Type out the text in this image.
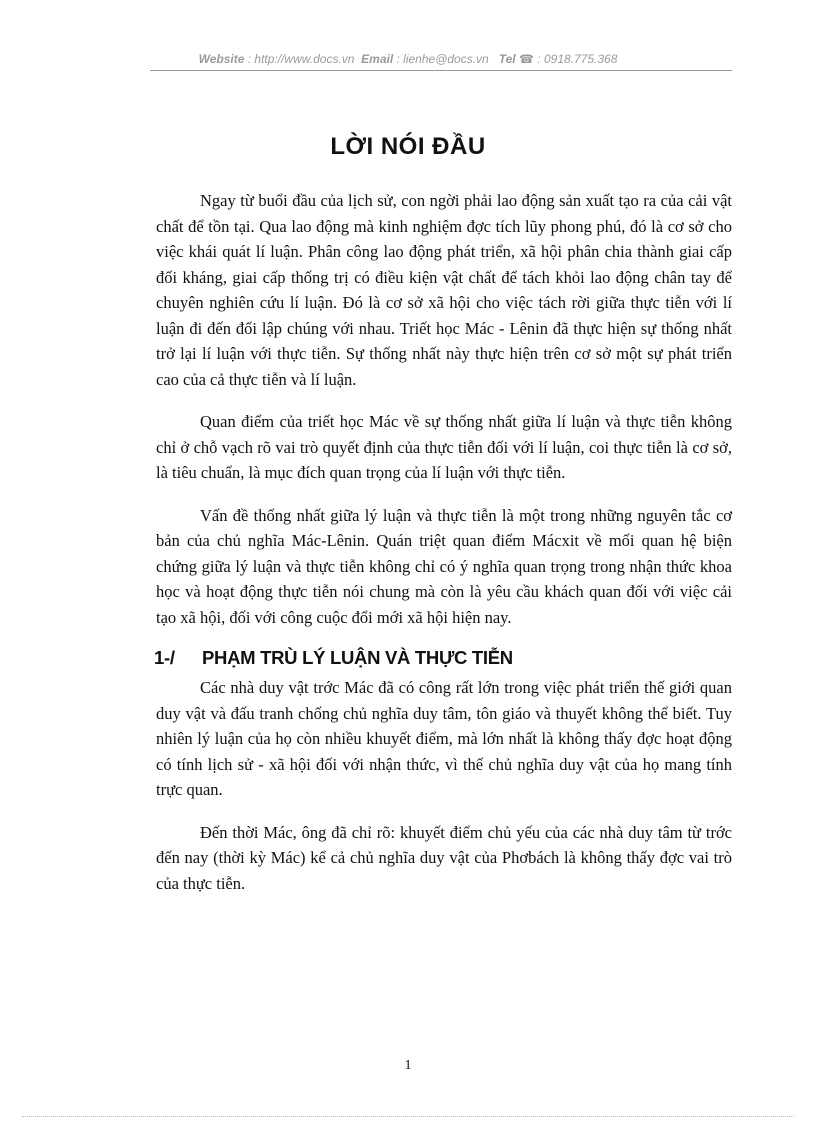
Website : http://www.docs.vn Email : lienhe@docs.vn Tel ☎ : 0918.775.368
LỜI NÓI ĐẦU

Ngay từ buổi đầu của lịch sử, con ngời phải lao động sản xuất tạo ra của cải vật chất để tồn tại. Qua lao động mà kinh nghiệm đợc tích lũy phong phú, đó là cơ sở cho việc khái quát lí luận. Phân công lao động phát triển, xã hội phân chia thành giai cấp đối kháng, giai cấp thống trị có điều kiện vật chất để tách khỏi lao động chân tay để chuyên nghiên cứu lí luận. Đó là cơ sở xã hội cho việc tách rời giữa thực tiễn với lí luận đi đến đối lập chúng với nhau. Triết học Mác - Lênin đã thực hiện sự thống nhất trở lại lí luận với thực tiễn. Sự thống nhất này thực hiện trên cơ sở một sự phát triển cao của cả thực tiễn và lí luận.

Quan điểm của triết học Mác về sự thống nhất giữa lí luận và thực tiễn không chỉ ở chỗ vạch rõ vai trò quyết định của thực tiễn đối với lí luận, coi thực tiễn là cơ sở, là tiêu chuẩn, là mục đích quan trọng của lí luận với thực tiễn.

Vấn đề thống nhất giữa lý luận và thực tiễn là một trong những nguyên tắc cơ bản của chủ nghĩa Mác-Lênin. Quán triệt quan điểm Mácxit về mối quan hệ biện chứng giữa lý luận và thực tiễn không chỉ có ý nghĩa quan trọng trong nhận thức khoa học và hoạt động thực tiễn nói chung mà còn là yêu cầu khách quan đối với việc cải tạo xã hội, đối với công cuộc đổi mới xã hội hiện nay.

1-/	PHẠM TRÙ LÝ LUẬN VÀ THỰC TIỄN

Các nhà duy vật trớc Mác đã có công rất lớn trong việc phát triển thế giới quan duy vật và đấu tranh chống chủ nghĩa duy tâm, tôn giáo và thuyết không thể biết. Tuy nhiên lý luận của họ còn nhiều khuyết điểm, mà lớn nhất là không thấy đợc hoạt động có tính lịch sử - xã hội đối với nhận thức, vì thế chủ nghĩa duy vật của họ mang tính trực quan.

Đến thời Mác, ông đã chỉ rõ: khuyết điểm chủ yếu của các nhà duy tâm từ trớc đến nay (thời kỳ Mác) kể cả chủ nghĩa duy vật của Phơbách là không thấy đợc vai trò của thực tiễn.

1
